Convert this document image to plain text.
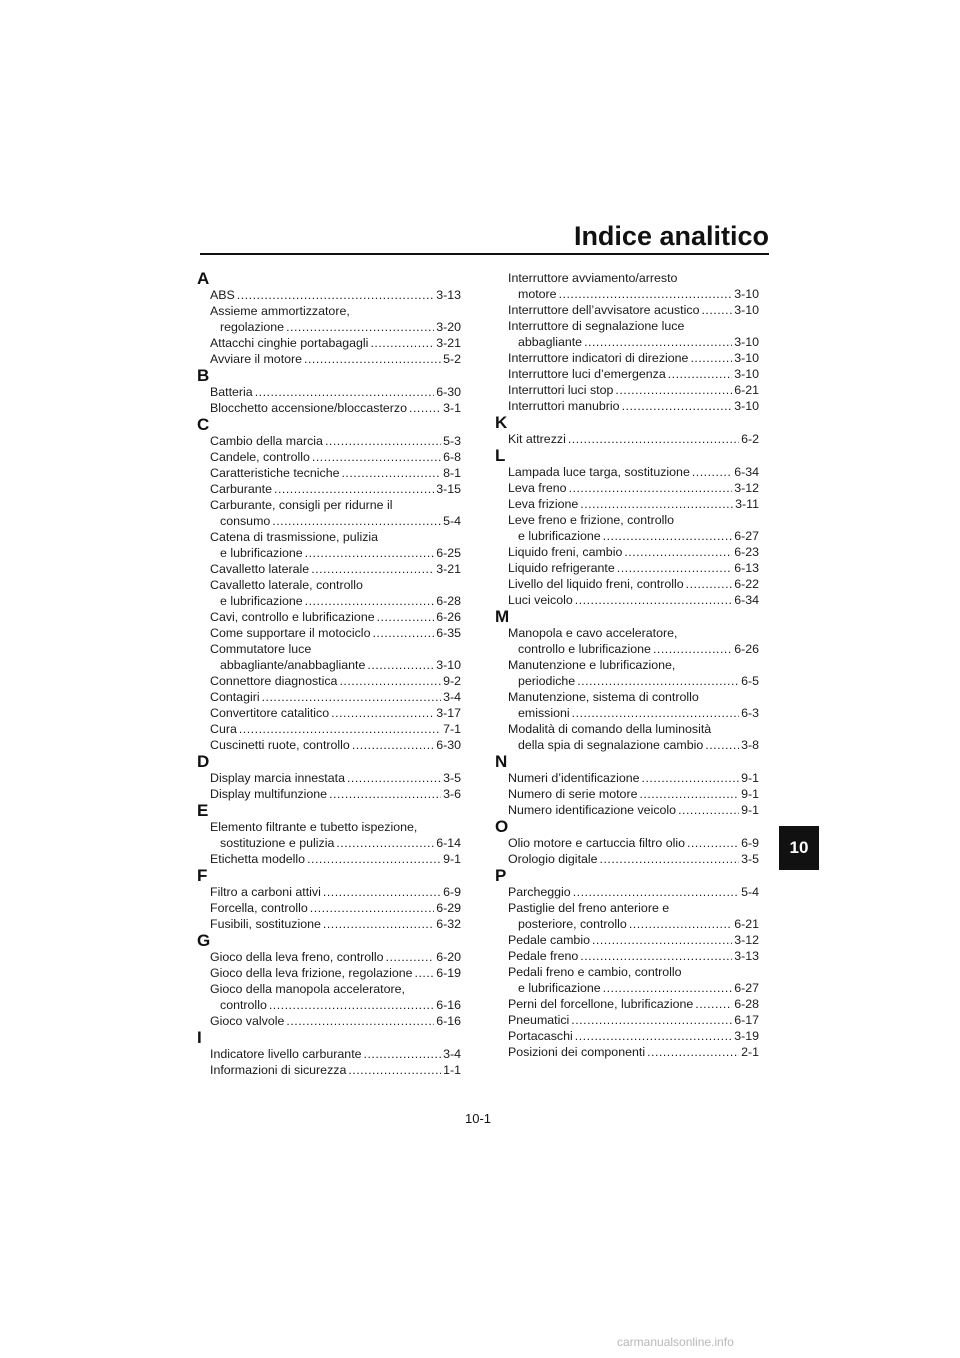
Indice analitico
10
A
ABS .....	3-13
Assieme ammortizzatore,
regolazione .....	3-20
Attacchi cinghie portabagagli .....	3-21
Avviare il motore .....	5-2
B
Batteria .....	6-30
Blocchetto accensione/bloccasterzo .....	3-1
C
Cambio della marcia .....	5-3
Candele, controllo .....	6-8
Caratteristiche tecniche .....	8-1
Carburante .....	3-15
Carburante, consigli per ridurne il
consumo .....	5-4
Catena di trasmissione, pulizia
e lubrificazione .....	6-25
Cavalletto laterale .....	3-21
Cavalletto laterale, controllo
e lubrificazione .....	6-28
Cavi, controllo e lubrificazione .....	6-26
Come supportare il motociclo .....	6-35
Commutatore luce
abbagliante/anabbagliante .....	3-10
Connettore diagnostica .....	9-2
Contagiri .....	3-4
Convertitore catalitico .....	3-17
Cura .....	7-1
Cuscinetti ruote, controllo .....	6-30
D
Display marcia innestata .....	3-5
Display multifunzione .....	3-6
E
Elemento filtrante e tubetto ispezione,
sostituzione e pulizia .....	6-14
Etichetta modello .....	9-1
F
Filtro a carboni attivi .....	6-9
Forcella, controllo .....	6-29
Fusibili, sostituzione .....	6-32
G
Gioco della leva freno, controllo .....	6-20
Gioco della leva frizione, regolazione ..... 6-19
Gioco della manopola acceleratore,
controllo .....	6-16
Gioco valvole .....	6-16
I
Indicatore livello carburante .....	3-4
Informazioni di sicurezza .....	1-1
Interruttore avviamento/arresto
motore .....	3-10
Interruttore dell’avvisatore acustico .....	3-10
Interruttore di segnalazione luce
abbagliante .....	3-10
Interruttore indicatori di direzione .....	3-10
Interruttore luci d’emergenza .....	3-10
Interruttori luci stop .....	6-21
Interruttori manubrio .....	3-10
K
Kit attrezzi .....	6-2
L
Lampada luce targa, sostituzione .....	6-34
Leva freno .....	3-12
Leva frizione .....	3-11
Leve freno e frizione, controllo
e lubrificazione .....	6-27
Liquido freni, cambio .....	6-23
Liquido refrigerante .....	6-13
Livello del liquido freni, controllo .....	6-22
Luci veicolo .....	6-34
M
Manopola e cavo acceleratore,
controllo e lubrificazione .....	6-26
Manutenzione e lubrificazione,
periodiche .....	6-5
Manutenzione, sistema di controllo
emissioni .....	6-3
Modalità di comando della luminosità
della spia di segnalazione cambio .....	3-8
N
Numeri d’identificazione .....	9-1
Numero di serie motore .....	9-1
Numero identificazione veicolo .....	9-1
O
Olio motore e cartuccia filtro olio .....	6-9
Orologio digitale .....	3-5
P
Parcheggio .....	5-4
Pastiglie del freno anteriore e
posteriore, controllo .....	6-21
Pedale cambio .....	3-12
Pedale freno .....	3-13
Pedali freno e cambio, controllo
e lubrificazione .....	6-27
Perni del forcellone, lubrificazione .....	6-28
Pneumatici .....	6-17
Portacaschi .....	3-19
Posizioni dei componenti .....	2-1
10-1
carmanualsonline.info
